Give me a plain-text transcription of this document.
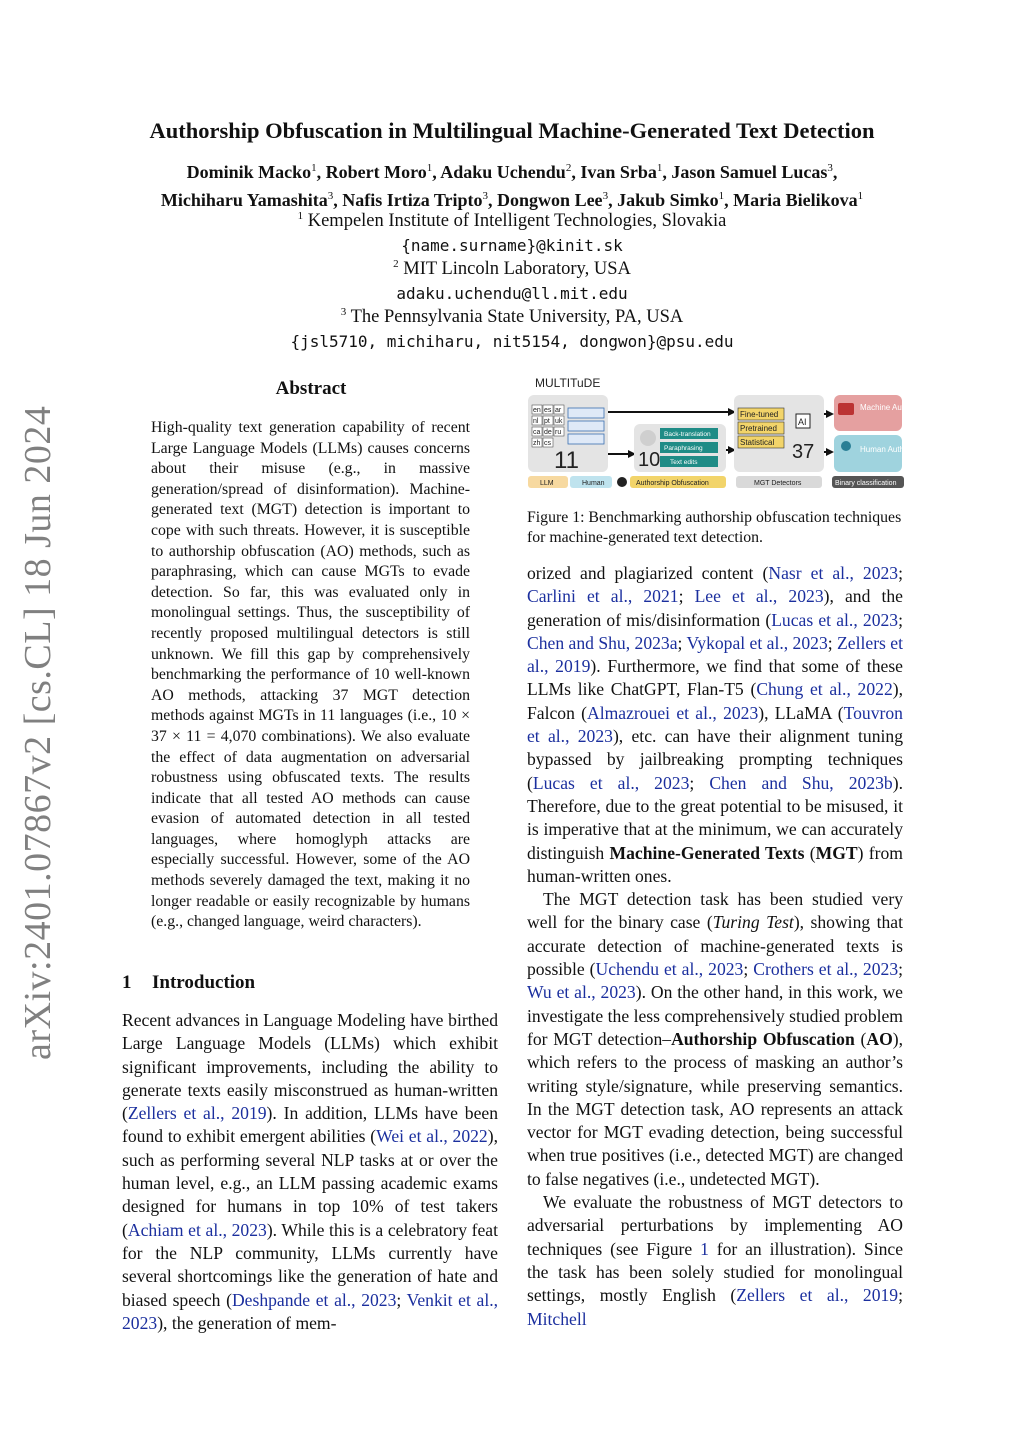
Authorship Obfuscation in Multilingual Machine-Generated Text Detection
Dominik Macko$^1$, Robert Moro$^1$, Adaku Uchendu$^2$, Ivan Srba$^1$, Jason Samuel Lucas$^3$,
Michiharu Yamashita$^3$, Nafis Irtiza Tripto$^3$, Dongwon Lee$^3$, Jakub Simko$^1$, Maria Bielikova$^1$
$^1$ Kempelen Institute of Intelligent Technologies, Slovakia
{name.surname}@kinit.sk
$^2$ MIT Lincoln Laboratory, USA
adaku.uchendu@ll.mit.edu
$^3$ The Pennsylvania State University, PA, USA
{jsl5710, michiharu, nit5154, dongwon}@psu.edu
arXiv:2401.07867v2 [cs.CL] 18 Jun 2024
Abstract
High-quality text generation capability of recent Large Language Models (LLMs) causes concerns about their misuse (e.g., in massive generation/spread of disinformation). Machine-generated text (MGT) detection is important to cope with such threats. However, it is susceptible to authorship obfuscation (AO) methods, such as paraphrasing, which can cause MGTs to evade detection. So far, this was evaluated only in monolingual settings. Thus, the susceptibility of recently proposed multilingual detectors is still unknown. We fill this gap by comprehensively benchmarking the performance of 10 well-known AO methods, attacking 37 MGT detection methods against MGTs in 11 languages (i.e., 10 × 37 × 11 = 4,070 combinations). We also evaluate the effect of data augmentation on adversarial robustness using obfuscated texts. The results indicate that all tested AO methods can cause evasion of automated detection in all tested languages, where homoglyph attacks are especially successful. However, some of the AO methods severely damaged the text, making it no longer readable or easily recognizable by humans (e.g., changed language, weird characters).
1 Introduction

Recent advances in Language Modeling have birthed Large Language Models (LLMs) which exhibit significant improvements, including the ability to generate texts easily misconstrued as human-written (Zellers et al., 2019). In addition, LLMs have been found to exhibit emergent abilities (Wei et al., 2022), such as performing several NLP tasks at or over the human level, e.g., an LLM passing academic exams designed for humans in top 10% of test takers (Achiam et al., 2023). While this is a celebratory feat for the NLP community, LLMs currently have several shortcomings like the generation of hate and biased speech (Deshpande et al., 2023; Venkit et al., 2023), the generation of mem-

MULTITuDE
en es ar
nl pt uk
ca de ru
zh cs
11	10
Back-translation
Paraphrasing
Text edits
Fine-tuned
Pretrained
Statistical
AI
37
Machine Author
Human Author
LLM	Human	Authorship Obfuscation	MGT Detectors	Binary classification
Figure 1: Benchmarking authorship obfuscation techniques for machine-generated text detection.

orized and plagiarized content (Nasr et al., 2023; Carlini et al., 2021; Lee et al., 2023), and the generation of mis/disinformation (Lucas et al., 2023; Chen and Shu, 2023a; Vykopal et al., 2023; Zellers et al., 2019). Furthermore, we find that some of these LLMs like ChatGPT, Flan-T5 (Chung et al., 2022), Falcon (Almazrouei et al., 2023), LLaMA (Touvron et al., 2023), etc. can have their alignment tuning bypassed by jailbreaking prompting techniques (Lucas et al., 2023; Chen and Shu, 2023b). Therefore, due to the great potential to be misused, it is imperative that at the minimum, we can accurately distinguish Machine-Generated Texts (MGT) from human-written ones.

The MGT detection task has been studied very well for the binary case (Turing Test), showing that accurate detection of machine-generated texts is possible (Uchendu et al., 2023; Crothers et al., 2023; Wu et al., 2023). On the other hand, in this work, we investigate the less comprehensively studied problem for MGT detection–Authorship Obfuscation (AO), which refers to the process of masking an author’s writing style/signature, while preserving semantics. In the MGT detection task, AO represents an attack vector for MGT evading detection, being successful when true positives (i.e., detected MGT) are changed to false negatives (i.e., undetected MGT).

We evaluate the robustness of MGT detectors to adversarial perturbations by implementing AO techniques (see Figure 1 for an illustration). Since the task has been solely studied for monolingual settings, mostly English (Zellers et al., 2019; Mitchell
